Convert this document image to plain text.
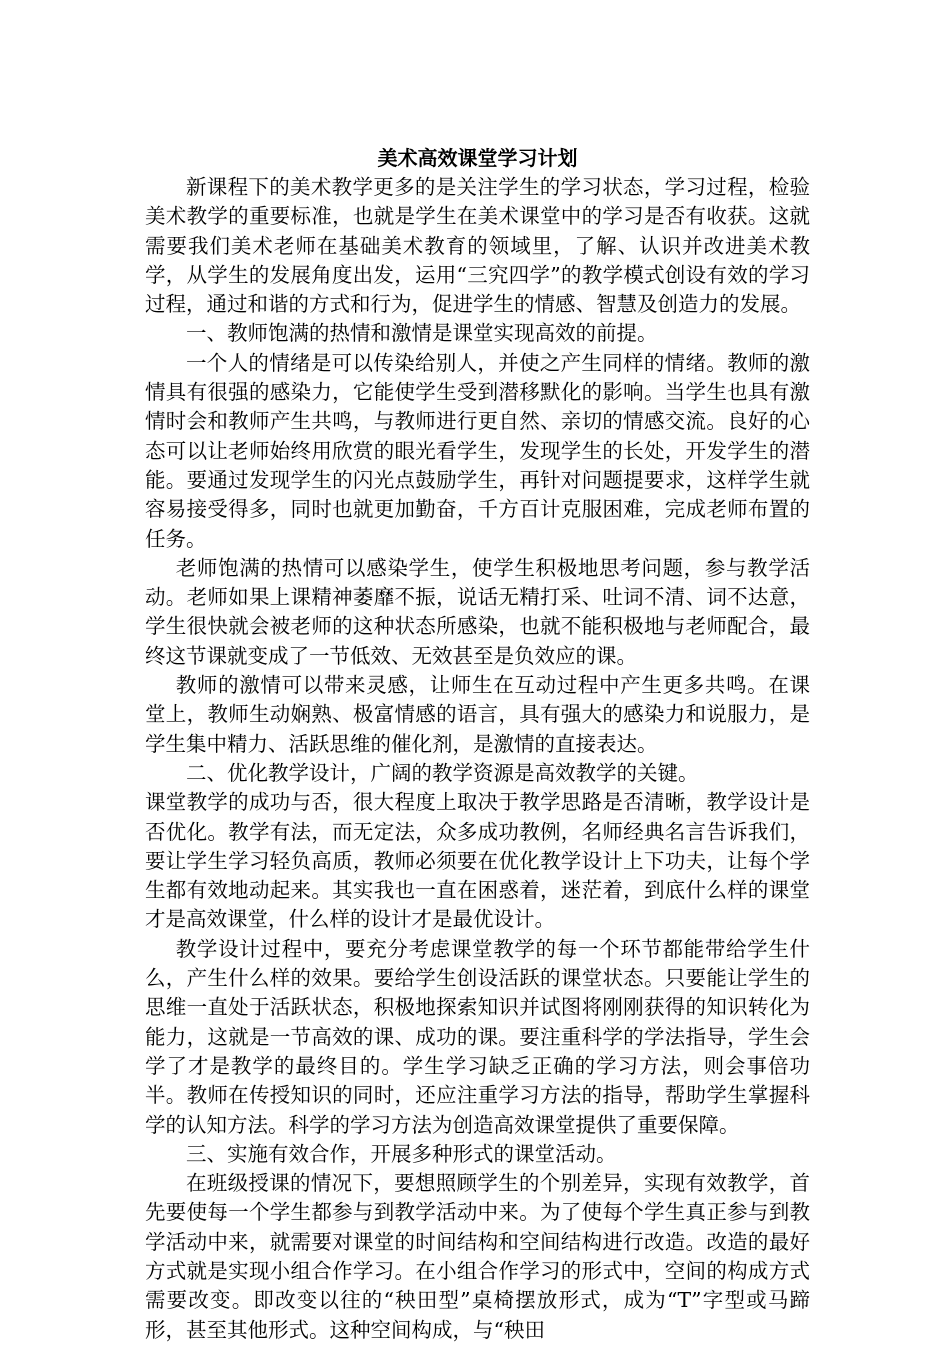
美术高效课堂学习计划

新课程下的美术教学更多的是关注学生的学习状态，学习过程，检验美术教学的重要标准，也就是学生在美术课堂中的学习是否有收获。这就需要我们美术老师在基础美术教育的领域里，了解、认识并改进美术教学，从学生的发展角度出发，运用“三究四学”的教学模式创设有效的学习过程，通过和谐的方式和行为，促进学生的情感、智慧及创造力的发展。

一、教师饱满的热情和激情是课堂实现高效的前提。

一个人的情绪是可以传染给别人，并使之产生同样的情绪。教师的激情具有很强的感染力，它能使学生受到潜移默化的影响。当学生也具有激情时会和教师产生共鸣，与教师进行更自然、亲切的情感交流。良好的心态可以让老师始终用欣赏的眼光看学生，发现学生的长处，开发学生的潜能。要通过发现学生的闪光点鼓励学生，再针对问题提要求，这样学生就容易接受得多，同时也就更加勤奋，千方百计克服困难，完成老师布置的任务。

老师饱满的热情可以感染学生，使学生积极地思考问题，参与教学活动。老师如果上课精神萎靡不振，说话无精打采、吐词不清、词不达意，学生很快就会被老师的这种状态所感染，也就不能积极地与老师配合，最终这节课就变成了一节低效、无效甚至是负效应的课。

教师的激情可以带来灵感，让师生在互动过程中产生更多共鸣。在课堂上，教师生动娴熟、极富情感的语言，具有强大的感染力和说服力，是学生集中精力、活跃思维的催化剂，是激情的直接表达。

二、优化教学设计，广阔的教学资源是高效教学的关键。

课堂教学的成功与否，很大程度上取决于教学思路是否清晰，教学设计是否优化。教学有法，而无定法，众多成功教例，名师经典名言告诉我们，要让学生学习轻负高质，教师必须要在优化教学设计上下功夫，让每个学生都有效地动起来。其实我也一直在困惑着，迷茫着，到底什么样的课堂才是高效课堂，什么样的设计才是最优设计。

教学设计过程中，要充分考虑课堂教学的每一个环节都能带给学生什么，产生什么样的效果。要给学生创设活跃的课堂状态。只要能让学生的思维一直处于活跃状态，积极地探索知识并试图将刚刚获得的知识转化为能力，这就是一节高效的课、成功的课。要注重科学的学法指导，学生会学了才是教学的最终目的。学生学习缺乏正确的学习方法，则会事倍功半。教师在传授知识的同时，还应注重学习方法的指导，帮助学生掌握科学的认知方法。科学的学习方法为创造高效课堂提供了重要保障。

三、实施有效合作，开展多种形式的课堂活动。

在班级授课的情况下，要想照顾学生的个别差异，实现有效教学，首先要使每一个学生都参与到教学活动中来。为了使每个学生真正参与到教学活动中来，就需要对课堂的时间结构和空间结构进行改造。改造的最好方式就是实现小组合作学习。在小组合作学习的形式中，空间的构成方式需要改变。即改变以往的“秧田型”桌椅摆放形式，成为“T”字型或马蹄形，甚至其他形式。这种空间构成，与“秧田
